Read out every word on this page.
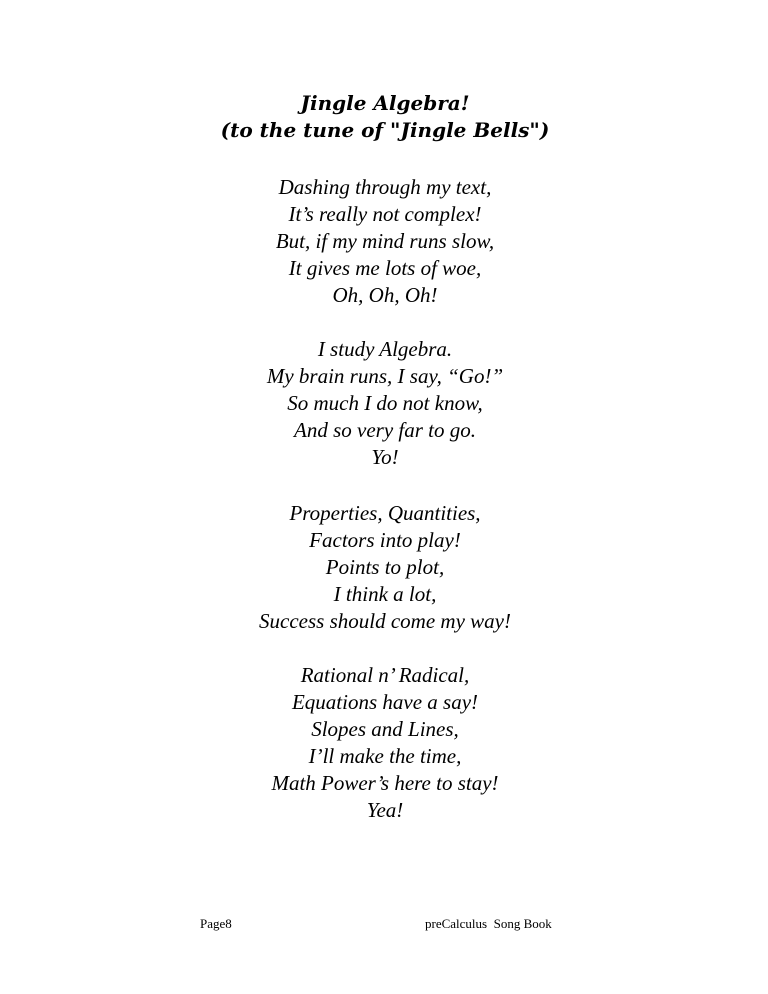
Jingle Algebra!
(to the tune of "Jingle Bells")
Dashing through my text,
It’s really not complex!
But, if my mind runs slow,
It gives me lots of woe,
Oh, Oh, Oh!
I study Algebra.
My brain runs, I say, “Go!”
So much I do not know,
And so very far to go.
Yo!
Properties, Quantities,
Factors into play!
Points to plot,
I think a lot,
Success should come my way!
Rational n’ Radical,
Equations have a say!
Slopes and Lines,
I’ll make the time,
Math Power’s here to stay!
Yea!
Page8	preCalculus  Song Book
